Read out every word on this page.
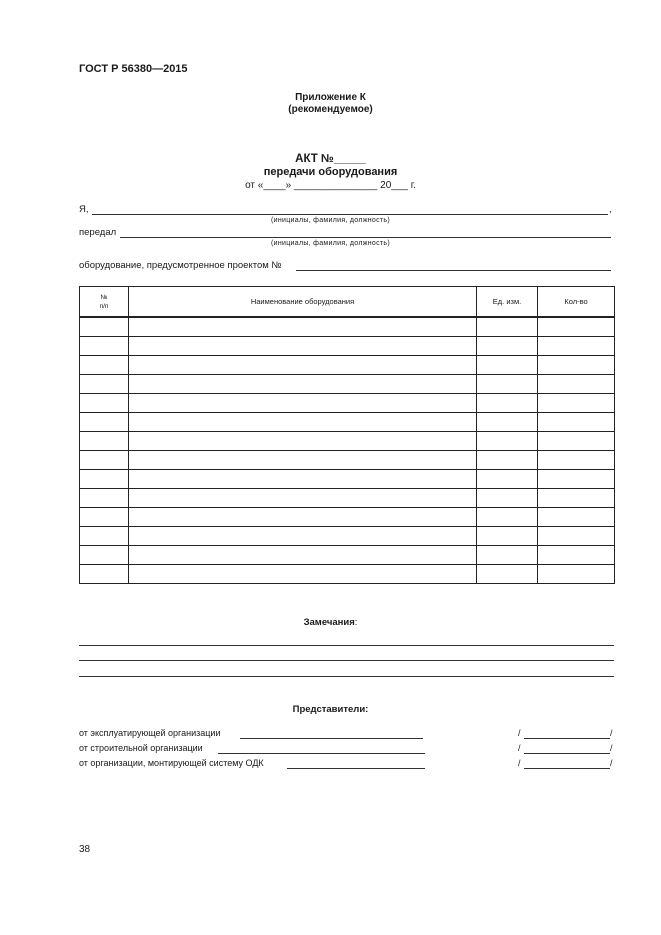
ГОСТ Р 56380—2015
Приложение К
(рекомендуемое)
АКТ №_____
передачи оборудования
от «____» _______________ 20___ г.
Я,	,
(инициалы, фамилия, должность)
передал
(инициалы, фамилия, должность)
оборудование, предусмотренное проектом №
№
п/п	Наименование оборудования	Ед. изм.	Кол-во

Замечания:
Представители:
от эксплуатирующей организации	/	/
от строительной организации	/	/
от организации, монтирующей систему ОДК	/	/
38
